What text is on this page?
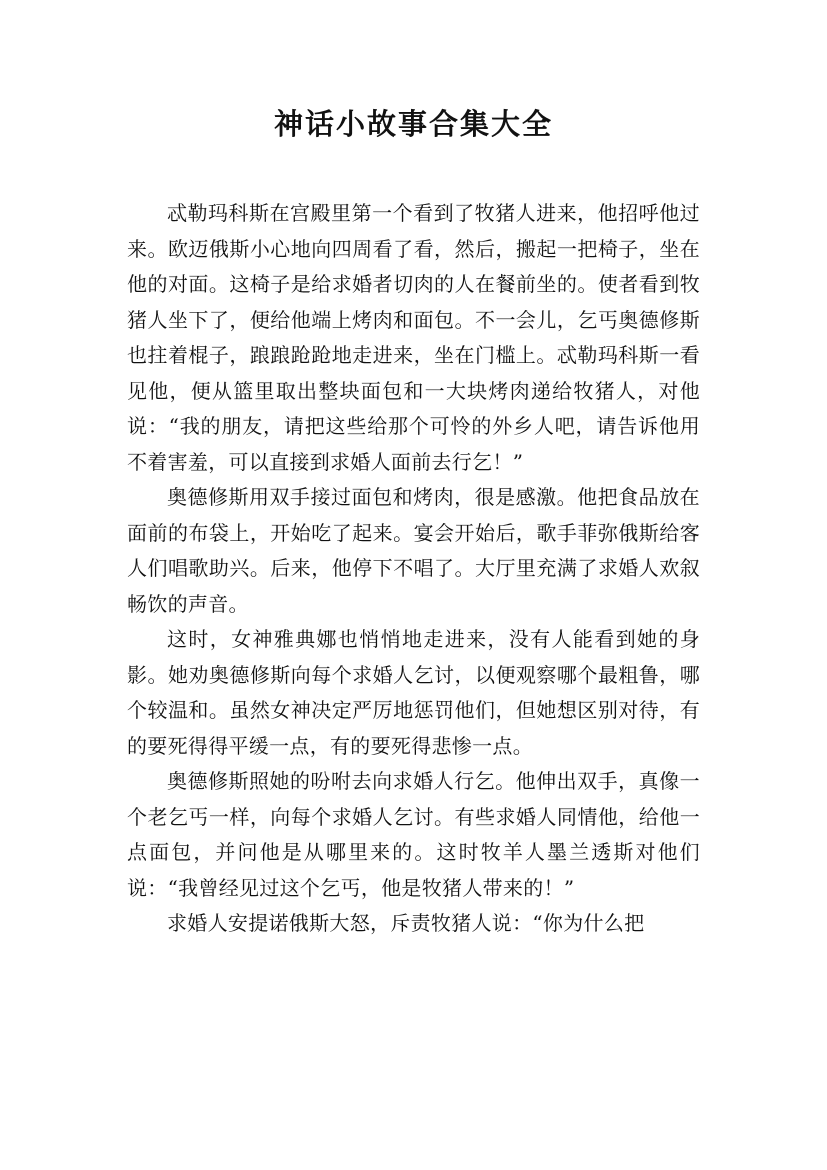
神话小故事合集大全

忒勒玛科斯在宫殿里第一个看到了牧猪人进来，他招呼他过来。欧迈俄斯小心地向四周看了看，然后，搬起一把椅子，坐在他的对面。这椅子是给求婚者切肉的人在餐前坐的。使者看到牧猪人坐下了，便给他端上烤肉和面包。不一会儿，乞丐奥德修斯也拄着棍子，踉踉跄跄地走进来，坐在门槛上。忒勒玛科斯一看见他，便从篮里取出整块面包和一大块烤肉递给牧猪人，对他说：“我的朋友，请把这些给那个可怜的外乡人吧，请告诉他用不着害羞，可以直接到求婚人面前去行乞！”

奥德修斯用双手接过面包和烤肉，很是感激。他把食品放在面前的布袋上，开始吃了起来。宴会开始后，歌手菲弥俄斯给客人们唱歌助兴。后来，他停下不唱了。大厅里充满了求婚人欢叙畅饮的声音。

这时，女神雅典娜也悄悄地走进来，没有人能看到她的身影。她劝奥德修斯向每个求婚人乞讨，以便观察哪个最粗鲁，哪个较温和。虽然女神决定严厉地惩罚他们，但她想区别对待，有的要死得得平缓一点，有的要死得悲惨一点。

奥德修斯照她的吩咐去向求婚人行乞。他伸出双手，真像一个老乞丐一样，向每个求婚人乞讨。有些求婚人同情他，给他一点面包，并问他是从哪里来的。这时牧羊人墨兰透斯对他们说：“我曾经见过这个乞丐，他是牧猪人带来的！”

求婚人安提诺俄斯大怒，斥责牧猪人说：“你为什么把
